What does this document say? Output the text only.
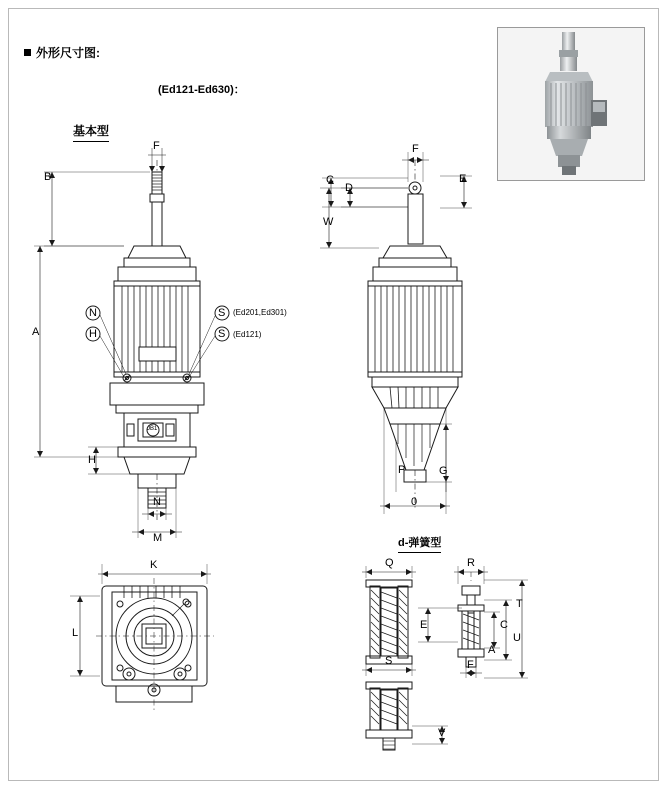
外形尺寸图:
(Ed121-Ed630)：
基本型
d-弹簧型
F
B
A
H
N
M
F
E
C
D
W
P	G
0
K
L
Q	R
T
E	C
U
A
S	F
V
N
H
S
S
(Ed201,Ed301)
(Ed121)
JB1
